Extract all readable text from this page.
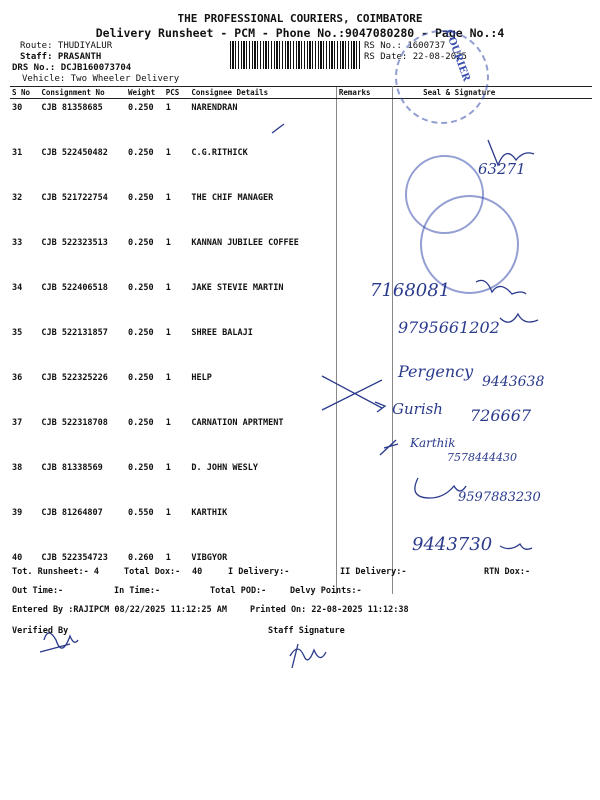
THE PROFESSIONAL COURIERS, COIMBATORE
Delivery Runsheet - PCM - Phone No.:9047080280 - Page No.:4
Route: THUDIYALUR
Staff: PRASANTH
DRS No.: DCJB160073704
Vehicle: Two Wheeler Delivery
RS No.: 1600737
RS Date: 22-08-2025
S No	Consignment No	Weight	PCS	Consignee Details	Remarks	Seal & Signature
30	CJB 81358685	0.250	1	NARENDRAN		
31	CJB 522450482	0.250	1	C.G.RITHICK		
32	CJB 521722754	0.250	1	THE CHIF MANAGER		
33	CJB 522323513	0.250	1	KANNAN JUBILEE COFFEE		
34	CJB 522406518	0.250	1	JAKE STEVIE MARTIN		
35	CJB 522131857	0.250	1	SHREE BALAJI		
36	CJB 522325226	0.250	1	HELP		
37	CJB 522318708	0.250	1	CARNATION APRTMENT		
38	CJB 81338569	0.250	1	D. JOHN WESLY		
39	CJB 81264807	0.550	1	KARTHIK		
40	CJB 522354723	0.260	1	VIBGYOR		
COURIER
63271
7168081
9795661202
Pergency
9443638
Gurish 726667
Karthik
7578444430
9597883230
9443730
Tot. Runsheet:- 4	Total Dox:- 40	I Delivery:-	II Delivery:-	RTN Dox:-
Out Time:-	In Time:-	Total POD:-	Delvy Points:-
Entered By :RAJIPCM 08/22/2025 11:12:25 AM	Printed On: 22-08-2025 11:12:38
Verified By	Staff Signature
